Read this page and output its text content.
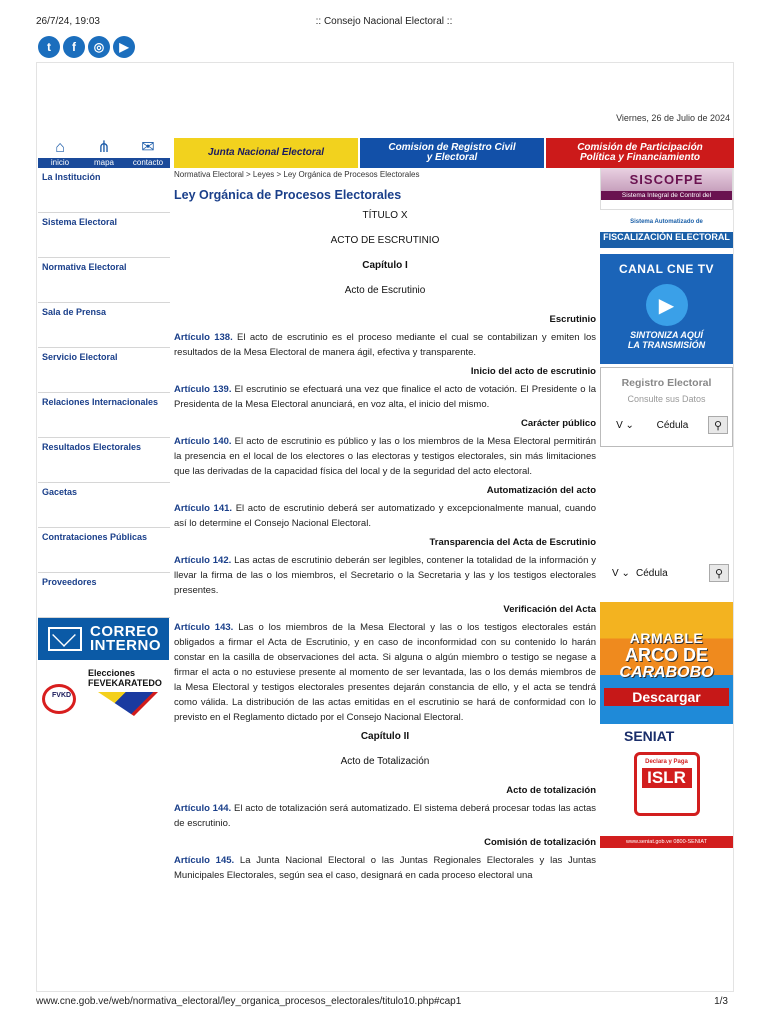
26/7/24, 19:03	:: Consejo Nacional Electoral ::
t	f	◎	▶
Viernes, 26 de Julio de 2024
⌂
inicio
⋔
mapa
✉
contacto
Junta Nacional Electoral	Comision de Registro Civil
y Electoral
Comisión de Participación
Política y Financiamiento
La Institución
Sistema Electoral
Normativa Electoral
Sala de Prensa
Servicio Electoral
Relaciones Internacionales
Resultados Electorales
Gacetas
Contrataciones Públicas
Proveedores
CORREO
INTERNO
FVKD
Elecciones
FEVEKARATEDO
Normativa Electoral > Leyes > Ley Orgánica de Procesos Electorales
Ley Orgánica de Procesos Electorales
TÍTULO X
ACTO DE ESCRUTINIO
Capítulo I
Acto de Escrutinio
Escrutinio

Artículo 138. El acto de escrutinio es el proceso mediante el cual se contabilizan y emiten los resultados de la Mesa Electoral de manera ágil, efectiva y transparente.

Inicio del acto de escrutinio

Artículo 139. El escrutinio se efectuará una vez que finalice el acto de votación. El Presidente o la Presidenta de la Mesa Electoral anunciará, en voz alta, el inicio del mismo.

Carácter público

Artículo 140. El acto de escrutinio es público y las o los miembros de la Mesa Electoral permitirán la presencia en el local de los electores o las electoras y testigos electorales, sin más limitaciones que las derivadas de la capacidad física del local y de la seguridad del acto electoral.

Automatización del acto

Artículo 141. El acto de escrutinio deberá ser automatizado y excepcionalmente manual, cuando así lo determine el Consejo Nacional Electoral.

Transparencia del Acta de Escrutinio

Artículo 142. Las actas de escrutinio deberán ser legibles, contener la totalidad de la información y llevar la firma de las o los miembros, el Secretario o la Secretaria y las y los testigos electorales presentes.

Verificación del Acta

Artículo 143. Las o los miembros de la Mesa Electoral y las o los testigos electorales están obligados a firmar el Acta de Escrutinio, y en caso de inconformidad con su contenido lo harán constar en la casilla de observaciones del acta. Si alguna o algún miembro o testigo se negase a firmar el acta o no estuviese presente al momento de ser levantada, las o los demás miembros de la Mesa Electoral y testigos electorales presentes dejarán constancia de ello, y el acta se tendrá como válida. La distribución de las actas emitidas en el escrutinio se hará de conformidad con lo previsto en el Reglamento dictado por el Consejo Nacional Electoral.

Capítulo II
Acto de Totalización
Acto de totalización

Artículo 144. El acto de totalización será automatizado. El sistema deberá procesar todas las actas de escrutinio.

Comisión de totalización

Artículo 145. La Junta Nacional Electoral o las Juntas Regionales Electorales y las Juntas Municipales Electorales, según sea el caso, designará en cada proceso electoral una

SISCOFPE
Sistema Integral de Control del FINANCIAMIENTO
Sistema Automatizado de
FISCALIZACIÓN ELECTORAL
CANAL CNE TV
▶
SINTONIZA AQUÍ
LA TRANSMISIÓN
Registro Electoral
Consulte sus Datos
V ⌄	Cédula	⚲
V ⌄ Cédula	⚲
ARMABLE
ARCO DE
CARABOBO
Descargar
SENIAT
Declara y Paga
ISLR
www.seniat.gob.ve 0800-SENIAT
www.cne.gob.ve/web/normativa_electoral/ley_organica_procesos_electorales/titulo10.php#cap1	1/3
